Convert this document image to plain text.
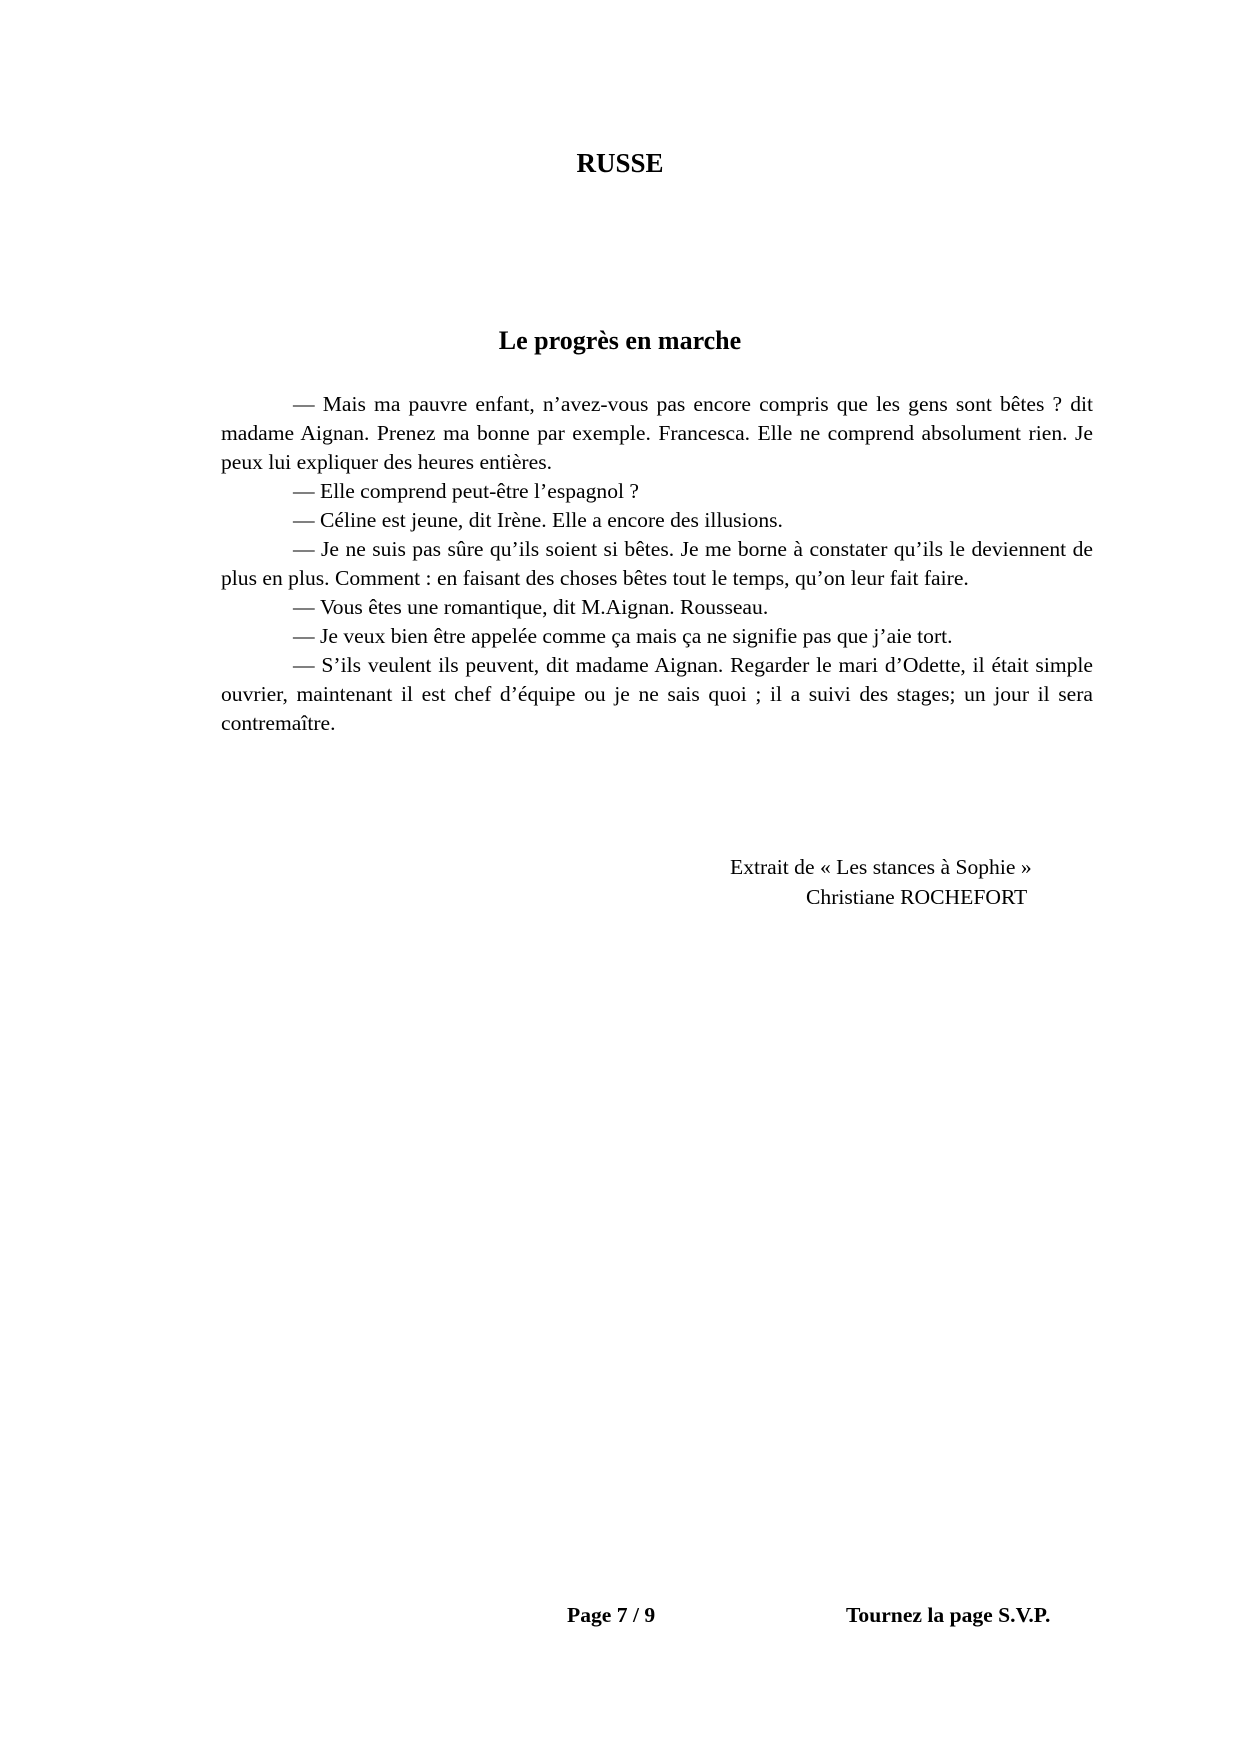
RUSSE
Le progrès en marche

— Mais ma pauvre enfant, n’avez-vous pas encore compris que les gens sont bêtes ? dit madame Aignan. Prenez ma bonne par exemple. Francesca. Elle ne comprend absolument rien. Je peux lui expliquer des heures entières.

— Elle comprend peut-être l’espagnol ?

— Céline est jeune, dit Irène. Elle a encore des illusions.

— Je ne suis pas sûre qu’ils soient si bêtes. Je me borne à constater qu’ils le deviennent de plus en plus. Comment : en faisant des choses bêtes tout le temps, qu’on leur fait faire.

— Vous êtes une romantique, dit M.Aignan. Rousseau.

— Je veux bien être appelée comme ça mais ça ne signifie pas que j’aie tort.

— S’ils veulent ils peuvent, dit madame Aignan. Regarder le mari d’Odette, il était simple ouvrier, maintenant il est chef d’équipe ou je ne sais quoi ; il a suivi des stages; un jour il sera contremaître.

Extrait de « Les stances à Sophie »
Christiane ROCHEFORT
Page 7 / 9	Tournez la page S.V.P.
